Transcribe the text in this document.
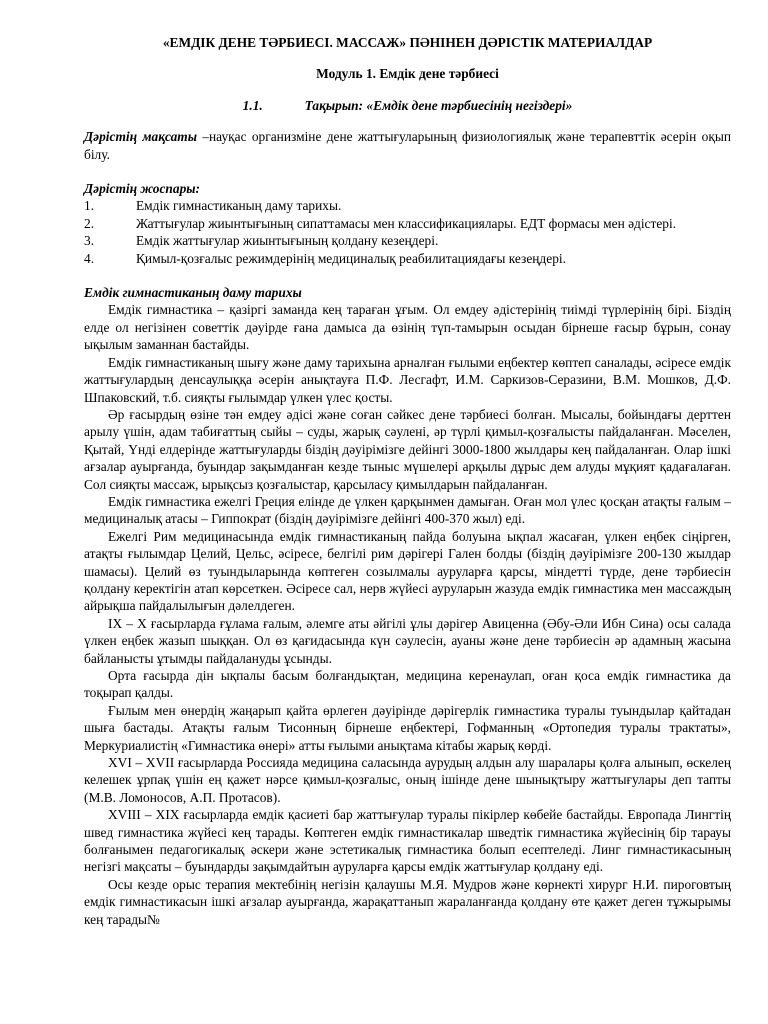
«ЕМДІК ДЕНЕ ТӘРБИЕСІ. МАССАЖ» ПӘНІНЕН ДӘРІСТІК МАТЕРИАЛДАР
Модуль 1. Емдік дене тәрбиесі
1.1.	Тақырып: «Емдік дене тәрбиесінің негіздері»
Дәрістің мақсаты –науқас организміне дене жаттығуларының физиологиялық және терапевттік әсерін оқып білу.
Дәрістің жоспары:
1.	Емдік гимнастиканың даму тарихы.
2.	Жаттығулар жиынтығының сипаттамасы мен классификациялары. ЕДТ формасы мен әдістері.
3.	Емдік жаттығулар жиынтығының қолдану кезеңдері.
4.	Қимыл-қозғалыс режимдерінің медициналық реабилитациядағы кезеңдері.
Емдік гимнастиканың даму тарихы

Емдік гимнастика – қазіргі заманда кең тараған ұғым. Ол емдеу әдістерінің тиімді түрлерінің бірі. Біздің елде ол негізінен советтік дәуірде ғана дамыса да өзінің түп-тамырын осыдан бірнеше ғасыр бұрын, сонау ықылым заманнан бастайды.

Емдік гимнастиканың шығу және даму тарихына арналған ғылыми еңбектер көптеп саналады, әсіресе емдік жаттығулардың денсаулыққа әсерін анықтауға П.Ф. Лесгафт, И.М. Саркизов-Серазини, В.М. Мошков, Д.Ф. Шпаковский, т.б. сияқты ғылымдар үлкен үлес қосты.

Әр ғасырдың өзіне тән емдеу әдісі және соған сәйкес дене тәрбиесі болған. Мысалы, бойындағы дерттен арылу үшін, адам табиғаттың сыйы – суды, жарық сәулені, әр түрлі қимыл-қозғалысты пайдаланған. Мәселен, Қытай, Үнді елдерінде жаттығуларды біздің дәуірімізге дейінгі 3000-1800 жылдары кең пайдаланған. Олар ішкі ағзалар ауырғанда, буындар зақымданған кезде тыныс мүшелері арқылы дұрыс дем алуды мұқият қадағалаған. Сол сияқты массаж, ырықсыз қозғалыстар, қарсыласу қимылдарын пайдаланған.

Емдік гимнастика ежелгі Греция елінде де үлкен қарқынмен дамыған. Оған мол үлес қосқан атақты ғалым – медициналық атасы – Гиппократ (біздің дәуірімізге дейінгі 400-370 жыл) еді.

Ежелгі Рим медицинасында емдік гимнастиканың пайда болуына ықпал жасаған, үлкен еңбек сіңірген, атақты ғылымдар Целий, Цельс, әсіресе, белгілі рим дәрігері Гален болды (біздің дәуірімізге 200-130 жылдар шамасы). Целий өз туындыларында көптеген созылмалы ауруларға қарсы, міндетті түрде, дене тәрбиесін қолдану керектігін атап көрсеткен. Әсіресе сал, нерв жүйесі ауруларын жазуда емдік гимнастика мен массаждың айрықша пайдалылығын дәлелдеген.

IX – X ғасырларда ғұлама ғалым, әлемге аты әйгілі ұлы дәрігер Авиценна (Әбу-Әли Ибн Сина) осы салада үлкен еңбек жазып шыққан. Ол өз қағидасында күн сәулесін, ауаны және дене тәрбиесін әр адамның жасына байланысты ұтымды пайдалануды ұсынды.

Орта ғасырда дін ықпалы басым болғандықтан, медицина керенаулап, оған қоса емдік гимнастика да тоқырап қалды.

Ғылым мен өнердің жаңарып қайта өрлеген дәуірінде дәрігерлік гимнастика туралы туындылар қайтадан шыға бастады. Атақты ғалым Тисонның бірнеше еңбектері, Гофманның «Ортопедия туралы трактаты», Меркуриалистің «Гимнастика өнері» атты ғылыми анықтама кітабы жарық көрді.

XVI – XVII ғасырларда Россияда медицина саласында аурудың алдын алу шаралары қолға алынып, өскелең келешек ұрпақ үшін ең қажет нәрсе қимыл-қозғалыс, оның ішінде дене шынықтыру жаттығулары деп тапты (М.В. Ломоносов, А.П. Протасов).

XVIII – XIX ғасырларда емдік қасиеті бар жаттығулар туралы пікірлер көбейе бастайды. Европада Лингтің швед гимнастика жүйесі кең тарады. Көптеген емдік гимнастикалар шведтік гимнастика жүйесінің бір тарауы болғанымен педагогикалық әскери және эстетикалық гимнастика болып есептеледі. Линг гимнастикасының негізгі мақсаты – буындарды зақымдайтын ауруларға қарсы емдік жаттығулар қолдану еді.

Осы кезде орыс терапия мектебінің негізін қалаушы М.Я. Мудров және көрнекті хирург Н.И. пироговтың емдік гимнастикасын ішкі ағзалар ауырғанда, жарақаттанып жараланғанда қолдану өте қажет деген тұжырымы кең тарады№
